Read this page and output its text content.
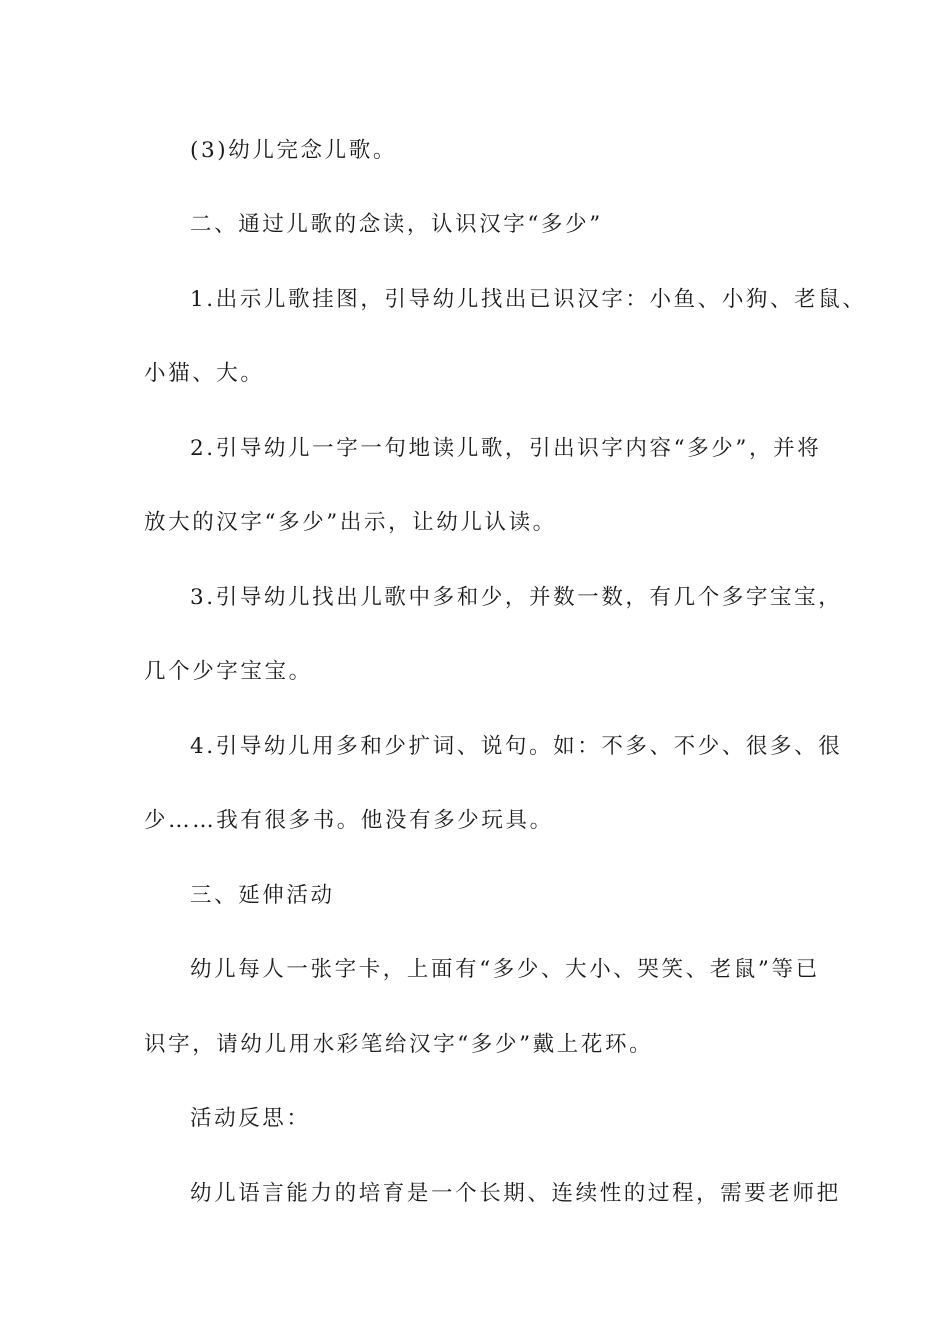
(3)幼儿完念儿歌。
二、通过儿歌的念读，认识汉字“多少”
1.出示儿歌挂图，引导幼儿找出已识汉字：小鱼、小狗、老鼠、
小猫、大。
2.引导幼儿一字一句地读儿歌，引出识字内容“多少”，并将
放大的汉字“多少”出示，让幼儿认读。
3.引导幼儿找出儿歌中多和少，并数一数，有几个多字宝宝，
几个少字宝宝。
4.引导幼儿用多和少扩词、说句。如：不多、不少、很多、很
少……我有很多书。他没有多少玩具。
三、延伸活动
幼儿每人一张字卡，上面有“多少、大小、哭笑、老鼠”等已
识字，请幼儿用水彩笔给汉字“多少”戴上花环。
活动反思：
幼儿语言能力的培育是一个长期、连续性的过程，需要老师把
